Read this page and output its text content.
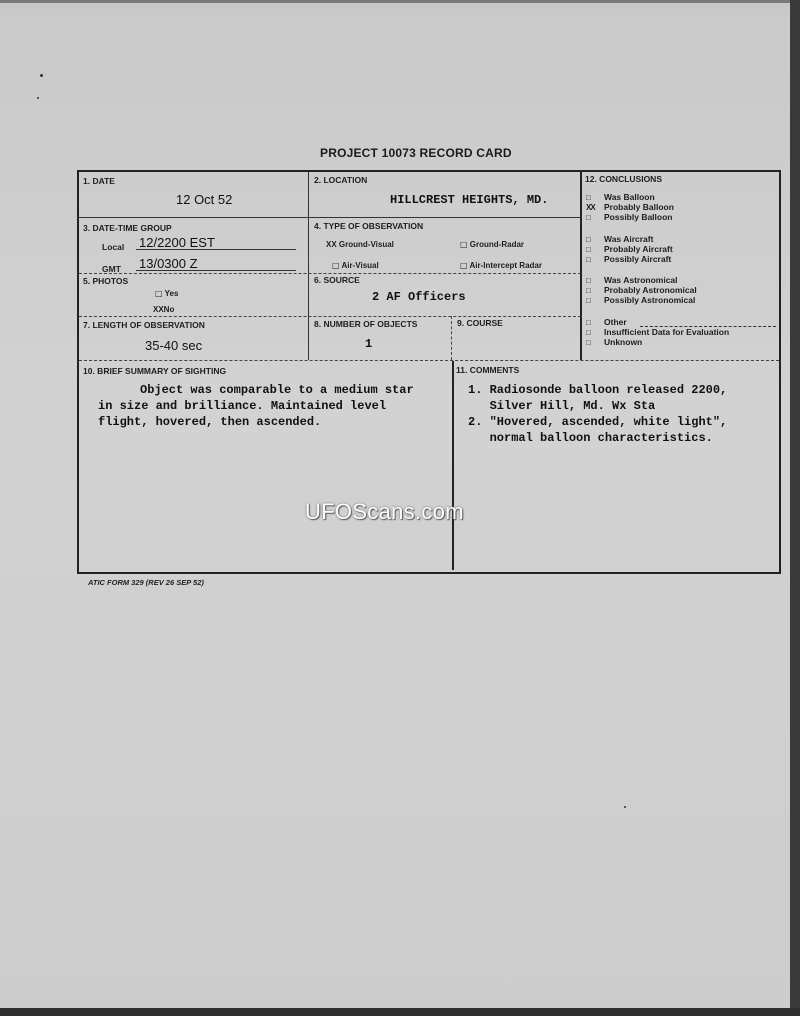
PROJECT 10073 RECORD CARD
1. DATE
12 Oct 52
2. LOCATION
HILLCREST HEIGHTS, MD.
3. DATE-TIME GROUP
Local 12/2200 EST
GMT 13/0300 Z
4. TYPE OF OBSERVATION
XX Ground-Visual
□ Air-Visual
□ Ground-Radar
□ Air-Intercept Radar
5. PHOTOS
□ Yes
XXNo
6. SOURCE
2 AF Officers
7. LENGTH OF OBSERVATION
35-40 sec
8. NUMBER OF OBJECTS
1
9. COURSE
12. CONCLUSIONS
□ Was Balloon
XX Probably Balloon
□ Possibly Balloon
□ Was Aircraft
□ Probably Aircraft
□ Possibly Aircraft
□ Was Astronomical
□ Probably Astronomical
□ Possibly Astronomical
□ Other
□ Insufficient Data for Evaluation
□ Unknown
10. BRIEF SUMMARY OF SIGHTING
Object was comparable to a medium star
in size and brilliance. Maintained level
flight, hovered, then ascended.
11. COMMENTS
1. Radiosonde balloon released 2200,
Silver Hill, Md. Wx Sta
2. "Hovered, ascended, white light",
normal balloon characteristics.
UFOScans.com
ATIC FORM 329 (REV 26 SEP 52)
